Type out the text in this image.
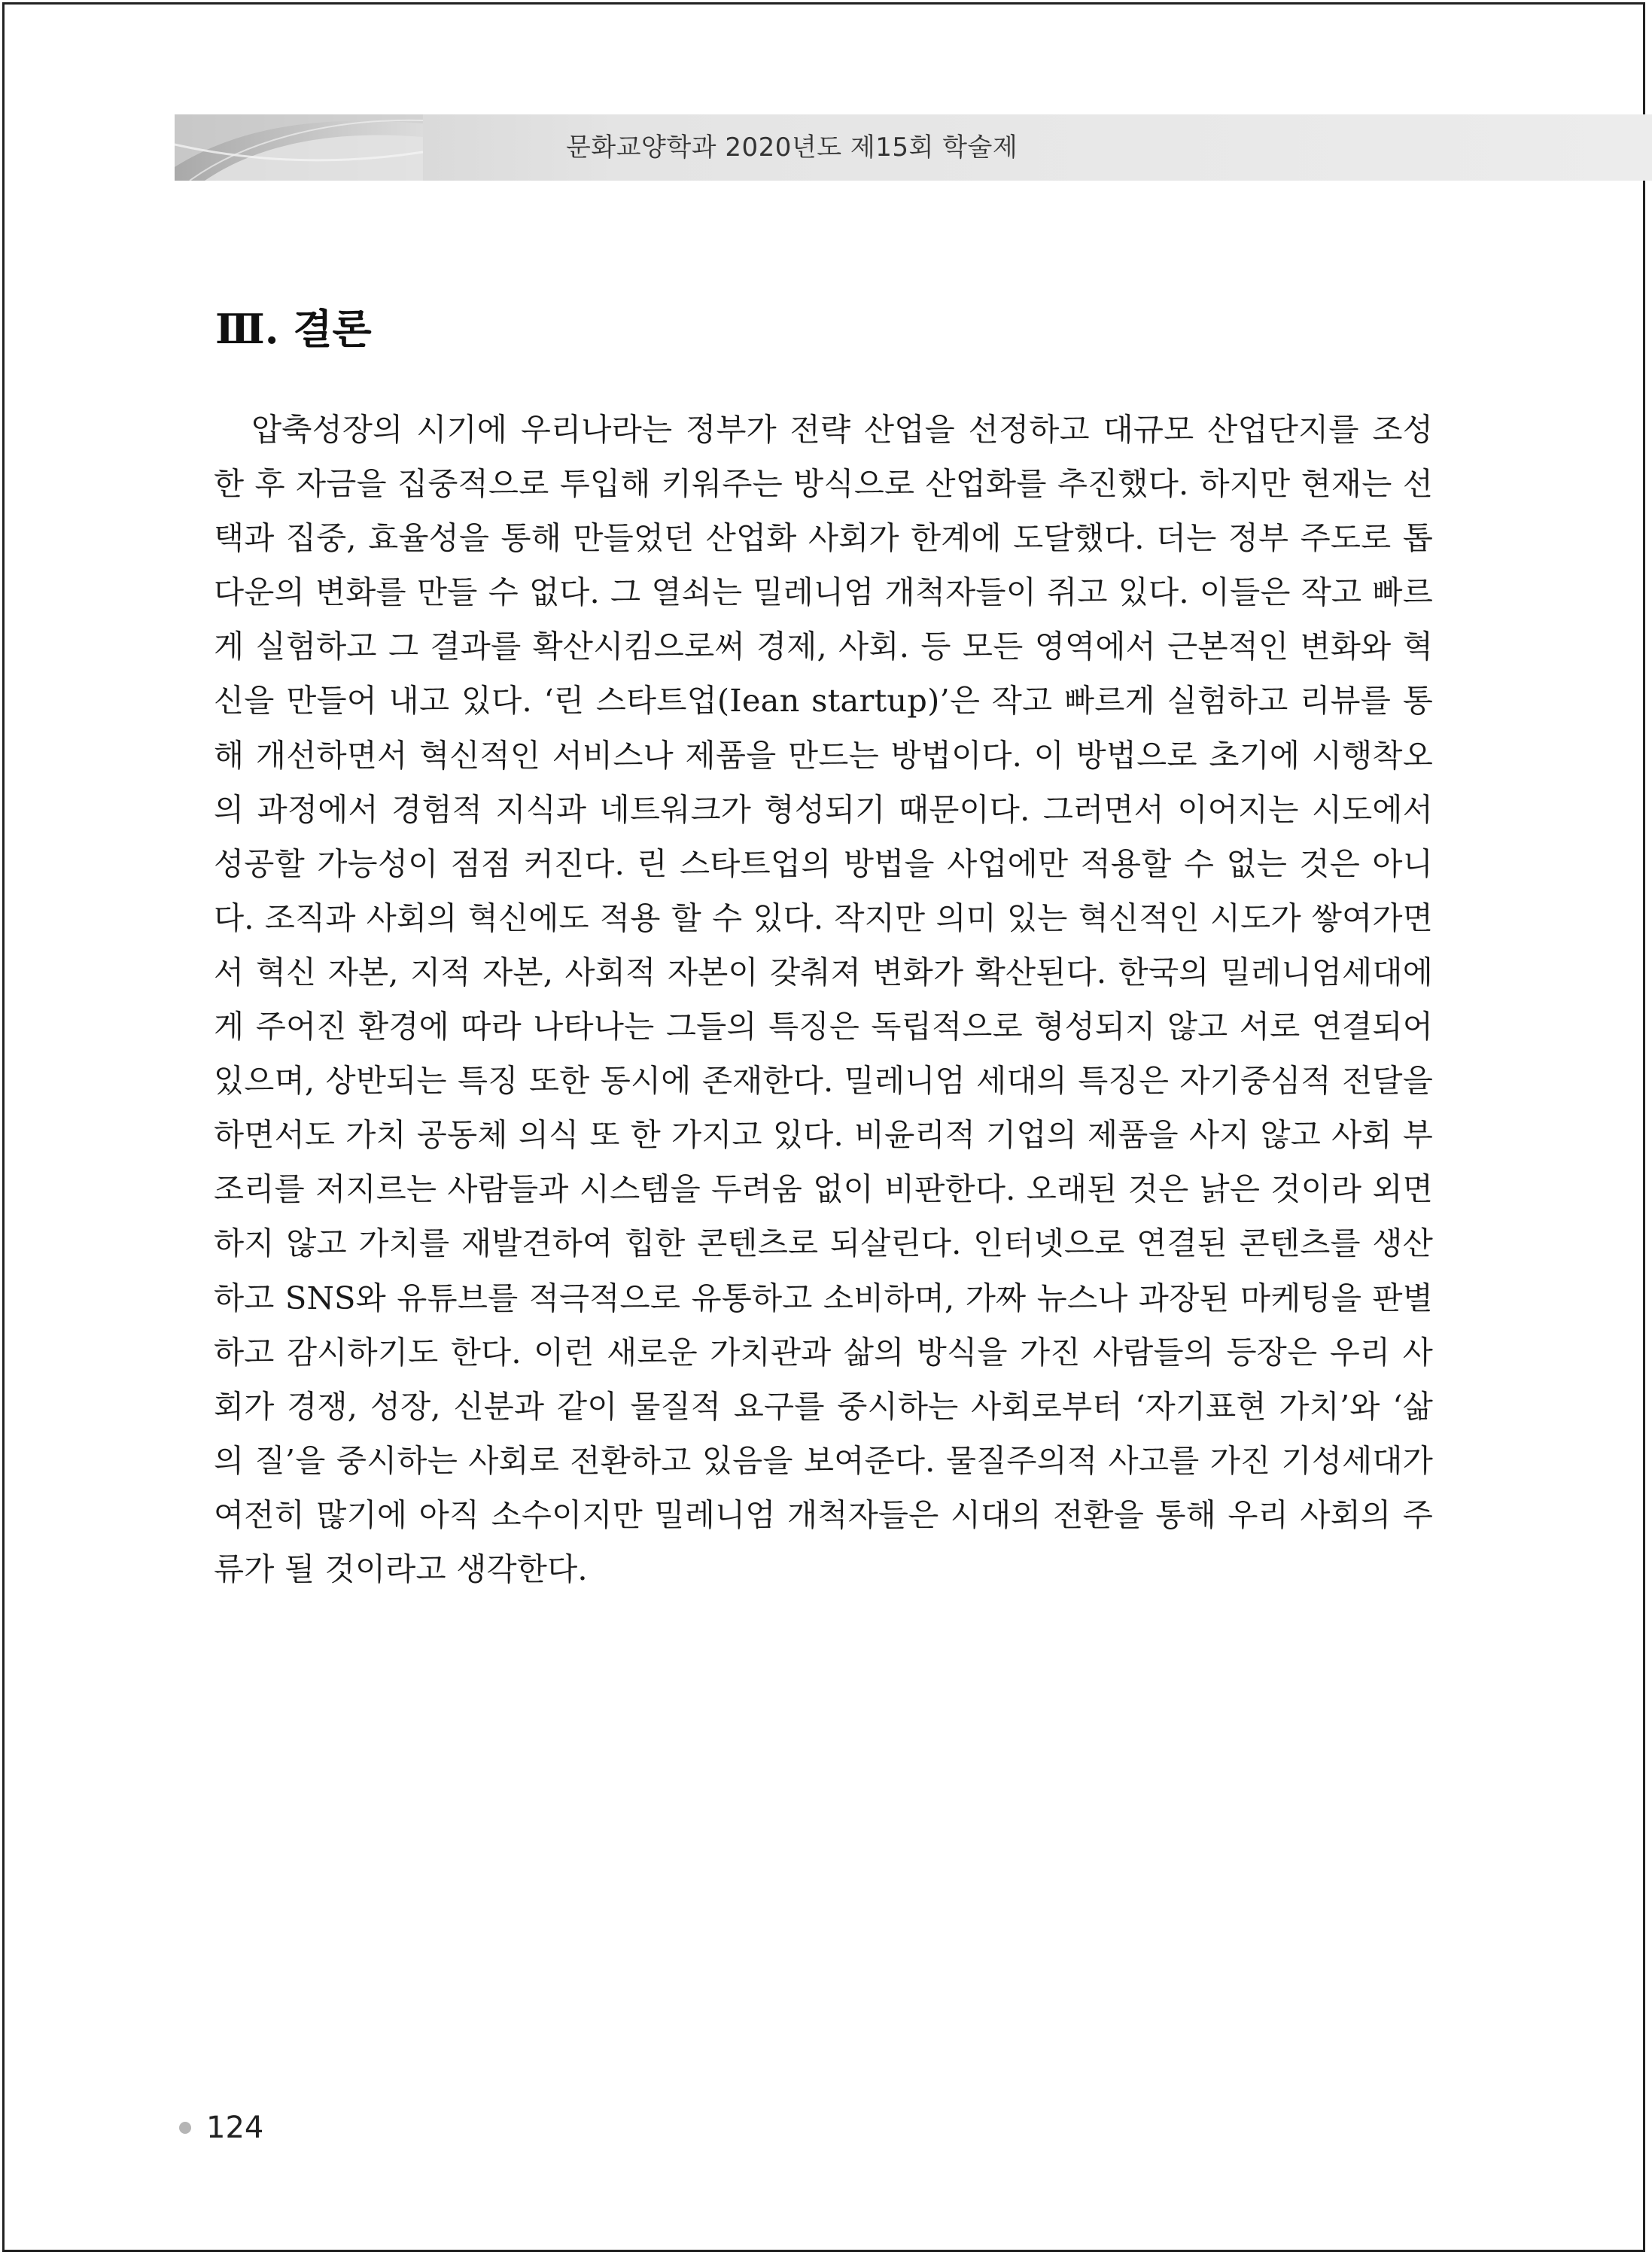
문화교양학과 2020년도 제15회 학술제
Ⅲ. 결론

압축성장의 시기에 우리나라는 정부가 전략 산업을 선정하고 대규모 산업단지를 조성한 후 자금을 집중적으로 투입해 키워주는 방식으로 산업화를 추진했다. 하지만 현재는 선택과 집중, 효율성을 통해 만들었던 산업화 사회가 한계에 도달했다. 더는 정부 주도로 톱 다운의 변화를 만들 수 없다. 그 열쇠는 밀레니엄 개척자들이 쥐고 있다. 이들은 작고 빠르게 실험하고 그 결과를 확산시킴으로써 경제, 사회. 등 모든 영역에서 근본적인 변화와 혁신을 만들어 내고 있다. ‘린 스타트업(Iean startup)’은 작고 빠르게 실험하고 리뷰를 통해 개선하면서 혁신적인 서비스나 제품을 만드는 방법이다. 이 방법으로 초기에 시행착오의 과정에서 경험적 지식과 네트워크가 형성되기 때문이다. 그러면서 이어지는 시도에서 성공할 가능성이 점점 커진다. 린 스타트업의 방법을 사업에만 적용할 수 없는 것은 아니다. 조직과 사회의 혁신에도 적용 할 수 있다. 작지만 의미 있는 혁신적인 시도가 쌓여가면서 혁신 자본, 지적 자본, 사회적 자본이 갖춰져 변화가 확산된다. 한국의 밀레니엄세대에게 주어진 환경에 따라 나타나는 그들의 특징은 독립적으로 형성되지 않고 서로 연결되어 있으며, 상반되는 특징 또한 동시에 존재한다. 밀레니엄 세대의 특징은 자기중심적 전달을 하면서도 가치 공동체 의식 또 한 가지고 있다. 비윤리적 기업의 제품을 사지 않고 사회 부조리를 저지르는 사람들과 시스템을 두려움 없이 비판한다. 오래된 것은 낡은 것이라 외면하지 않고 가치를 재발견하여 힙한 콘텐츠로 되살린다. 인터넷으로 연결된 콘텐츠를 생산하고 SNS와 유튜브를 적극적으로 유통하고 소비하며, 가짜 뉴스나 과장된 마케팅을 판별하고 감시하기도 한다. 이런 새로운 가치관과 삶의 방식을 가진 사람들의 등장은 우리 사회가 경쟁, 성장, 신분과 같이 물질적 요구를 중시하는 사회로부터 ‘자기표현 가치’와 ‘삶의 질’을 중시하는 사회로 전환하고 있음을 보여준다. 물질주의적 사고를 가진 기성세대가 여전히 많기에 아직 소수이지만 밀레니엄 개척자들은 시대의 전환을 통해 우리 사회의 주류가 될 것이라고 생각한다.

124
